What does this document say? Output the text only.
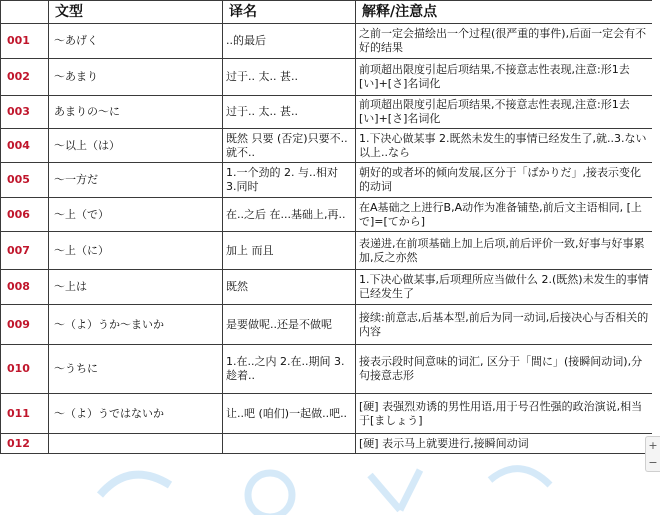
	文型	译名	解释/注意点
001	～あげく	..的最后	之前一定会描绘出一个过程(很严重的事件),后面一定会有不好的结果
002	～あまり	过于.. 太.. 甚..	前项超出限度引起后项结果,不接意志性表现,注意:形1去[い]+[さ]名词化
003	あまりの～に	过于.. 太.. 甚..	前项超出限度引起后项结果,不接意志性表现,注意:形1去[い]+[さ]名词化
004	～以上（は）	既然 只要 (否定)只要不..就不..	1.下决心做某事 2.既然未发生的事情已经发生了,就..3.ない以上..なら
005	～一方だ	1.一个劲的 2. 与..相对 3.同时	朝好的或者坏的倾向发展,区分于「ばかりだ」,接表示变化的动词
006	～上（で）	在..之后 在...基础上,再..	在A基础之上进行B,A动作为准备铺垫,前后文主语相同, [上で]=[てから]
007	～上（に）	加上 而且	表递进,在前项基础上加上后项,前后评价一致,好事与好事累加,反之亦然
008	～上は	既然	1.下决心做某事,后项理所应当做什么 2.(既然)未发生的事情已经发生了
009	～（よ）うか～まいか	是要做呢..还是不做呢	接续:前意志,后基本型,前后为同一动词,后接决心与否相关的内容
010	～うちに	1.在..之内 2.在..期间 3.趁着..	接表示段时间意味的词汇, 区分于「間に」(接瞬间动词),分句接意志形
011	～（よ）うではないか	让..吧 (咱们)一起做..吧..	[硬] 表强烈劝诱的男性用语,用于号召性强的政治演说,相当于[ましょう]
012			[硬] 表示马上就要进行,接瞬间动词	+
−
